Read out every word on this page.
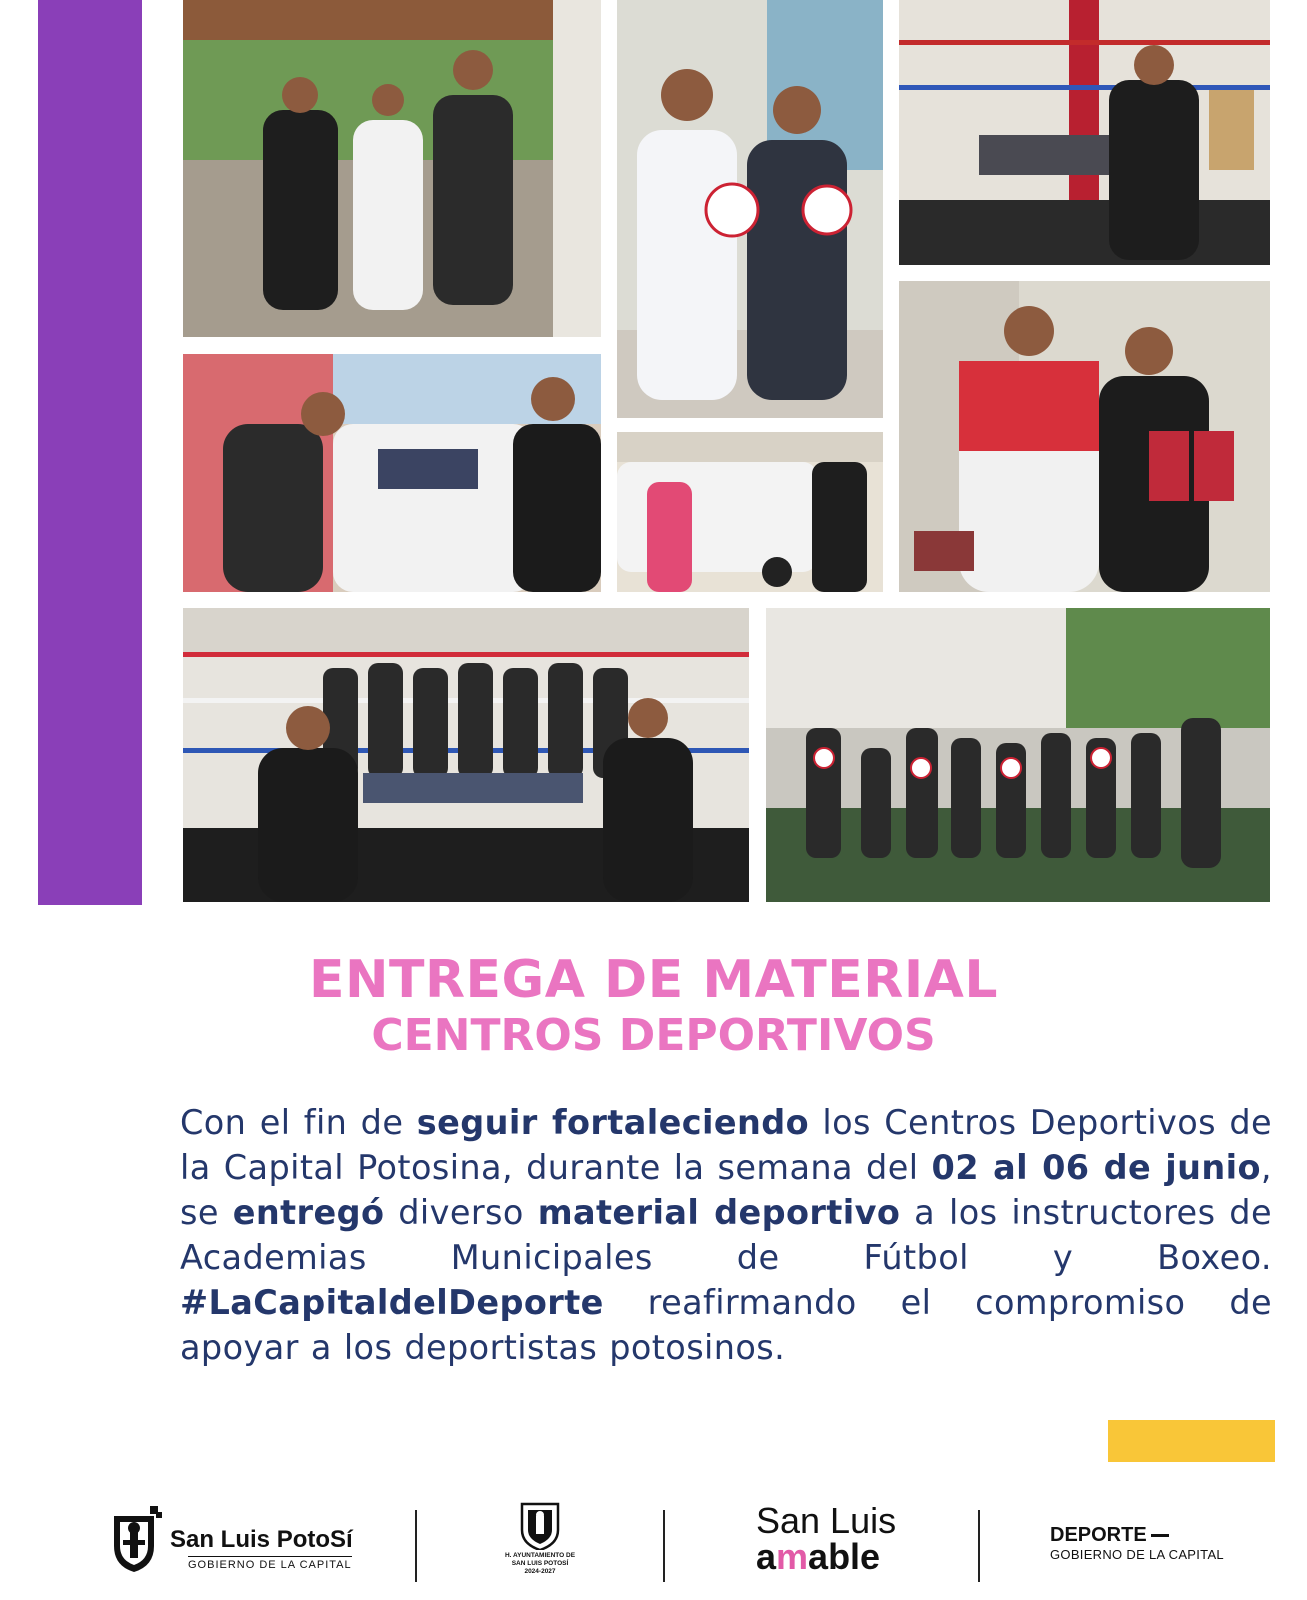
ENTREGA DE MATERIAL
CENTROS DEPORTIVOS

Con el fin de seguir fortaleciendo los Centros Deportivos de la Capital Potosina, durante la semana del 02 al 06 de junio, se entregó diverso material deportivo a los instructores de Academias Municipales de Fútbol y Boxeo. #LaCapitaldelDeporte reafirmando el compromiso de apoyar a los deportistas potosinos.

San Luis PotoSí
GOBIERNO DE LA CAPITAL
H. AYUNTAMIENTO DE
SAN LUIS POTOSÍ
2024-2027
San Luis
amable
DEPORTE
GOBIERNO DE LA CAPITAL
